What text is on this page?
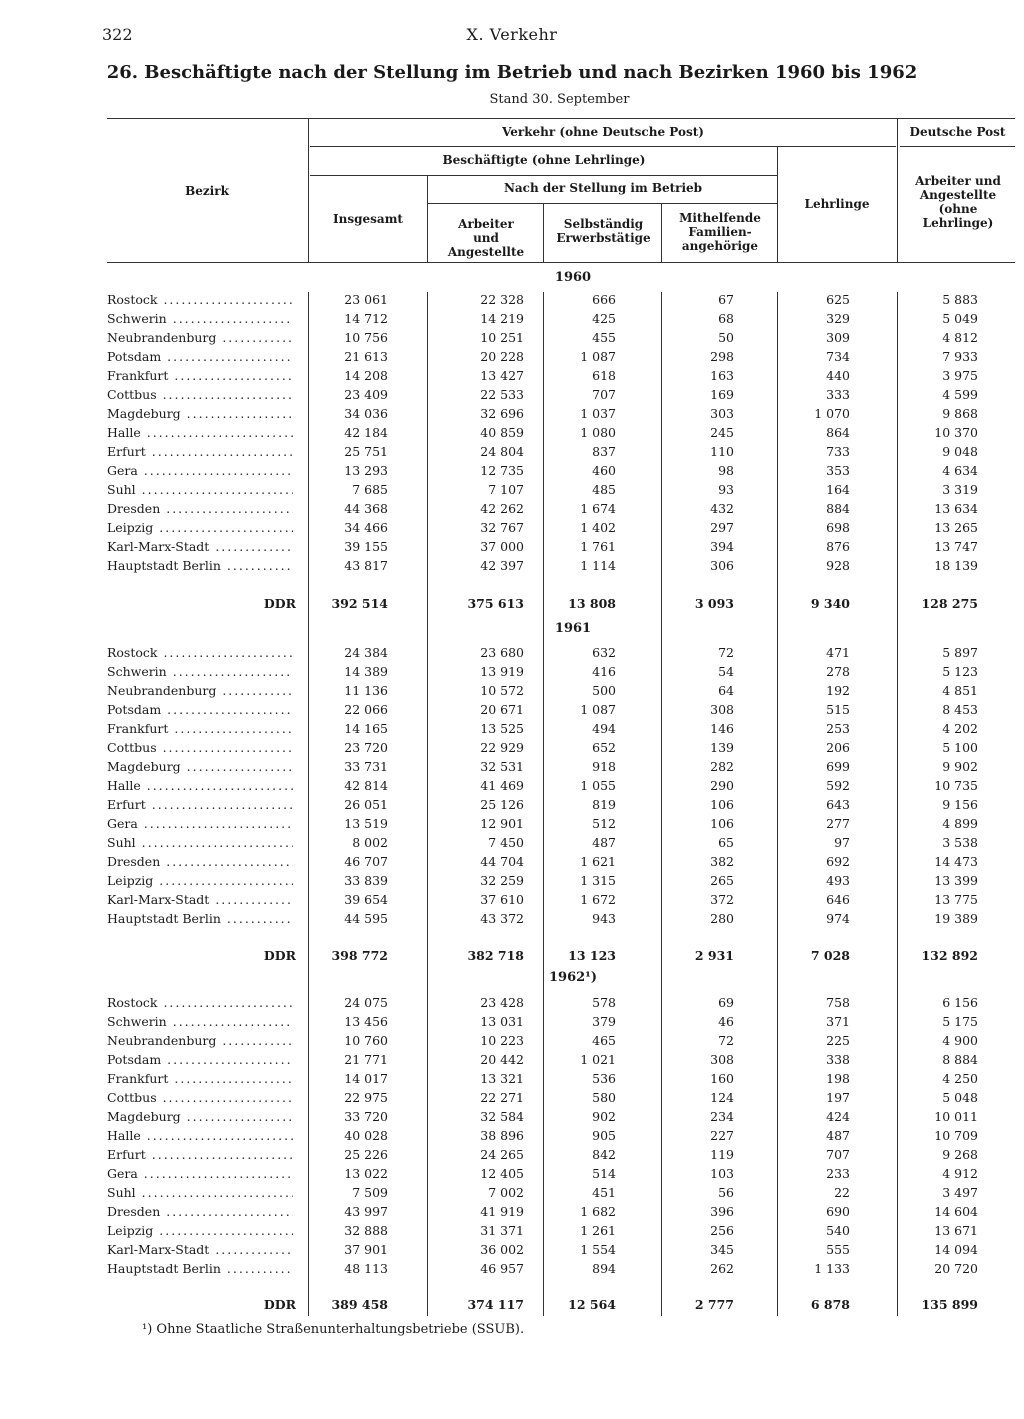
322	X. Verkehr
26. Beschäftigte nach der Stellung im Betrieb und nach Bezirken 1960 bis 1962
Stand 30. September
Bezirk
Verkehr (ohne Deutsche Post)	Deutsche Post
Beschäftigte (ohne Lehrlinge)
Nach der Stellung im Betrieb
Insgesamt	Arbeiter und Angestellte
Selbständig Erwerbstätige
Mithelfende Familien-angehörige
Lehrlinge
Arbeiter und Angestellte (ohne Lehrlinge)
1960
Rostock .....	23 061	22 328	666	67	625	5 883
Schwerin .....	14 712	14 219	425	68	329	5 049
Neubrandenburg .....	10 756	10 251	455	50	309	4 812
Potsdam .....	21 613	20 228	1 087	298	734	7 933
Frankfurt .....	14 208	13 427	618	163	440	3 975
Cottbus .....	23 409	22 533	707	169	333	4 599
Magdeburg .....	34 036	32 696	1 037	303	1 070	9 868
Halle .....	42 184	40 859	1 080	245	864	10 370
Erfurt .....	25 751	24 804	837	110	733	9 048
Gera .....	13 293	12 735	460	98	353	4 634
Suhl .....	7 685	7 107	485	93	164	3 319
Dresden .....	44 368	42 262	1 674	432	884	13 634
Leipzig .....	34 466	32 767	1 402	297	698	13 265
Karl-Marx-Stadt .....	39 155	37 000	1 761	394	876	13 747
Hauptstadt Berlin .....	43 817	42 397	1 114	306	928	18 139
DDR	392 514	375 613	13 808	3 093	9 340	128 275
1961
Rostock .....	24 384	23 680	632	72	471	5 897
Schwerin .....	14 389	13 919	416	54	278	5 123
Neubrandenburg .....	11 136	10 572	500	64	192	4 851
Potsdam .....	22 066	20 671	1 087	308	515	8 453
Frankfurt .....	14 165	13 525	494	146	253	4 202
Cottbus .....	23 720	22 929	652	139	206	5 100
Magdeburg .....	33 731	32 531	918	282	699	9 902
Halle .....	42 814	41 469	1 055	290	592	10 735
Erfurt .....	26 051	25 126	819	106	643	9 156
Gera .....	13 519	12 901	512	106	277	4 899
Suhl .....	8 002	7 450	487	65	97	3 538
Dresden .....	46 707	44 704	1 621	382	692	14 473
Leipzig .....	33 839	32 259	1 315	265	493	13 399
Karl-Marx-Stadt .....	39 654	37 610	1 672	372	646	13 775
Hauptstadt Berlin .....	44 595	43 372	943	280	974	19 389
DDR	398 772	382 718	13 123	2 931	7 028	132 892
1962¹)
Rostock .....	24 075	23 428	578	69	758	6 156
Schwerin .....	13 456	13 031	379	46	371	5 175
Neubrandenburg .....	10 760	10 223	465	72	225	4 900
Potsdam .....	21 771	20 442	1 021	308	338	8 884
Frankfurt .....	14 017	13 321	536	160	198	4 250
Cottbus .....	22 975	22 271	580	124	197	5 048
Magdeburg .....	33 720	32 584	902	234	424	10 011
Halle .....	40 028	38 896	905	227	487	10 709
Erfurt .....	25 226	24 265	842	119	707	9 268
Gera .....	13 022	12 405	514	103	233	4 912
Suhl .....	7 509	7 002	451	56	22	3 497
Dresden .....	43 997	41 919	1 682	396	690	14 604
Leipzig .....	32 888	31 371	1 261	256	540	13 671
Karl-Marx-Stadt .....	37 901	36 002	1 554	345	555	14 094
Hauptstadt Berlin .....	48 113	46 957	894	262	1 133	20 720
DDR	389 458	374 117	12 564	2 777	6 878	135 899
¹) Ohne Staatliche Straßenunterhaltungsbetriebe (SSUB).
